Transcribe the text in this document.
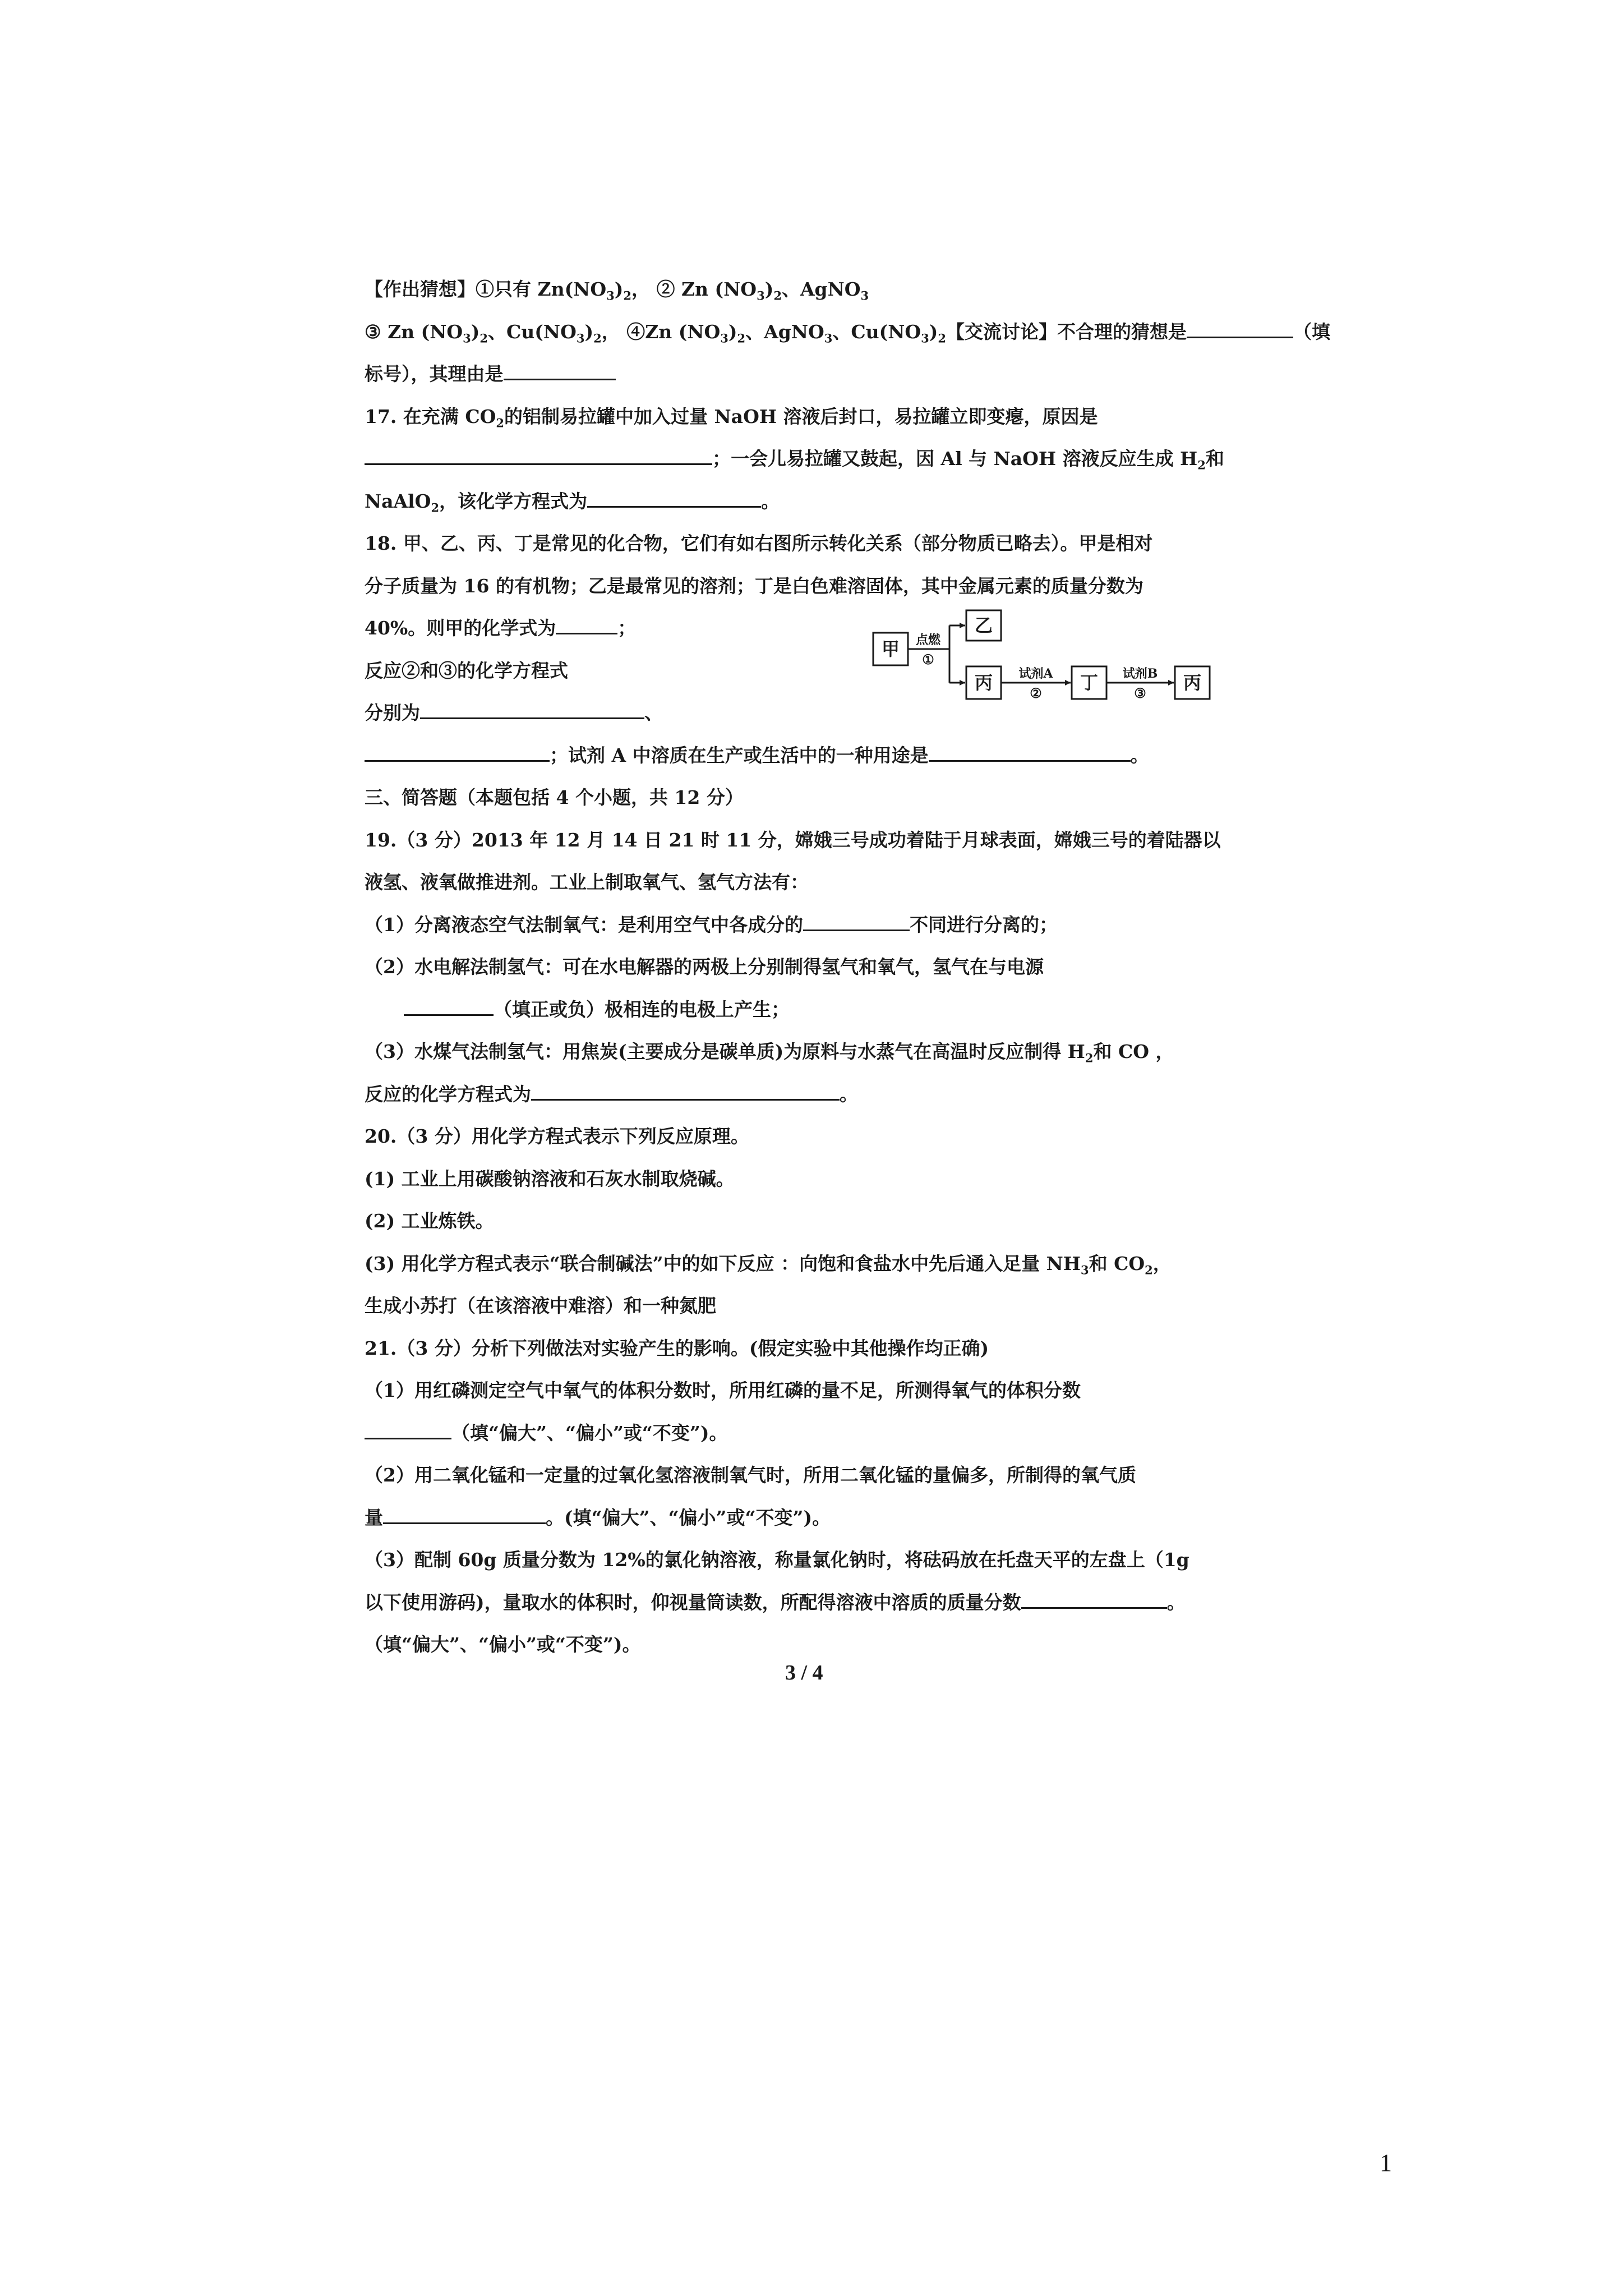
【作出猜想】①只有 $Zn(NO_3)_2$， ② Zn $(NO_3)_2$、AgNO$_3$
③ Zn $(NO_3)_2$、$Cu(NO_3)_2$， ④Zn $(NO_3)_2$、AgNO$_3$、$Cu(NO_3)_2$【交流讨论】不合理的猜想是	（填
标号），其理由是
17. 在充满 $CO_2$的铝制易拉罐中加入过量 NaOH 溶液后封口，易拉罐立即变瘪，原因是
；一会儿易拉罐又鼓起，因 Al 与 NaOH 溶液反应生成 $H_2$和
NaAlO$_2$，该化学方程式为	。
18. 甲、乙、丙、丁是常见的化合物，它们有如右图所示转化关系（部分物质已略去）。甲是相对
分子质量为 16 的有机物；乙是最常见的溶剂；丁是白色难溶固体，其中金属元素的质量分数为
40%。则甲的化学式为	；
反应②和③的化学方程式
分别为	、
；试剂 A 中溶质在生产或生活中的一种用途是	。
三、简答题（本题包括 4 个小题，共 12 分）
19.（3 分）2013 年 12 月 14 日 21 时 11 分，嫦娥三号成功着陆于月球表面，嫦娥三号的着陆器以
液氢、液氧做推进剂。工业上制取氧气、氢气方法有：
（1）分离液态空气法制氧气：是利用空气中各成分的	不同进行分离的；
（2）水电解法制氢气：可在水电解器的两极上分别制得氢气和氧气，氢气在与电源
（填正或负）极相连的电极上产生；
（3）水煤气法制氢气：用焦炭(主要成分是碳单质)为原料与水蒸气在高温时反应制得 $H_2$和 CO ，
反应的化学方程式为	。
20.（3 分）用化学方程式表示下列反应原理。
(1) 工业上用碳酸钠溶液和石灰水制取烧碱。
(2) 工业炼铁。
(3) 用化学方程式表示“联合制碱法”中的如下反应 ：向饱和食盐水中先后通入足量 $NH_3$和 $CO_2$，
生成小苏打（在该溶液中难溶）和一种氮肥
21.（3 分）分析下列做法对实验产生的影响。(假定实验中其他操作均正确)
（1）用红磷测定空气中氧气的体积分数时，所用红磷的量不足，所测得氧气的体积分数
（填“偏大”、“偏小”或“不变”)。
（2）用二氧化锰和一定量的过氧化氢溶液制氧气时，所用二氧化锰的量偏多，所制得的氧气质
量	。(填“偏大”、“偏小”或“不变”)。
（3）配制 60g 质量分数为 12%的氯化钠溶液，称量氯化钠时，将砝码放在托盘天平的左盘上（1g
以下使用游码)，量取水的体积时，仰视量筒读数，所配得溶液中溶质的质量分数	。
（填“偏大”、“偏小”或“不变”)。
甲
乙
丙	丁	丙
点燃
①
试剂A
②
试剂B
③
3 / 4
1
